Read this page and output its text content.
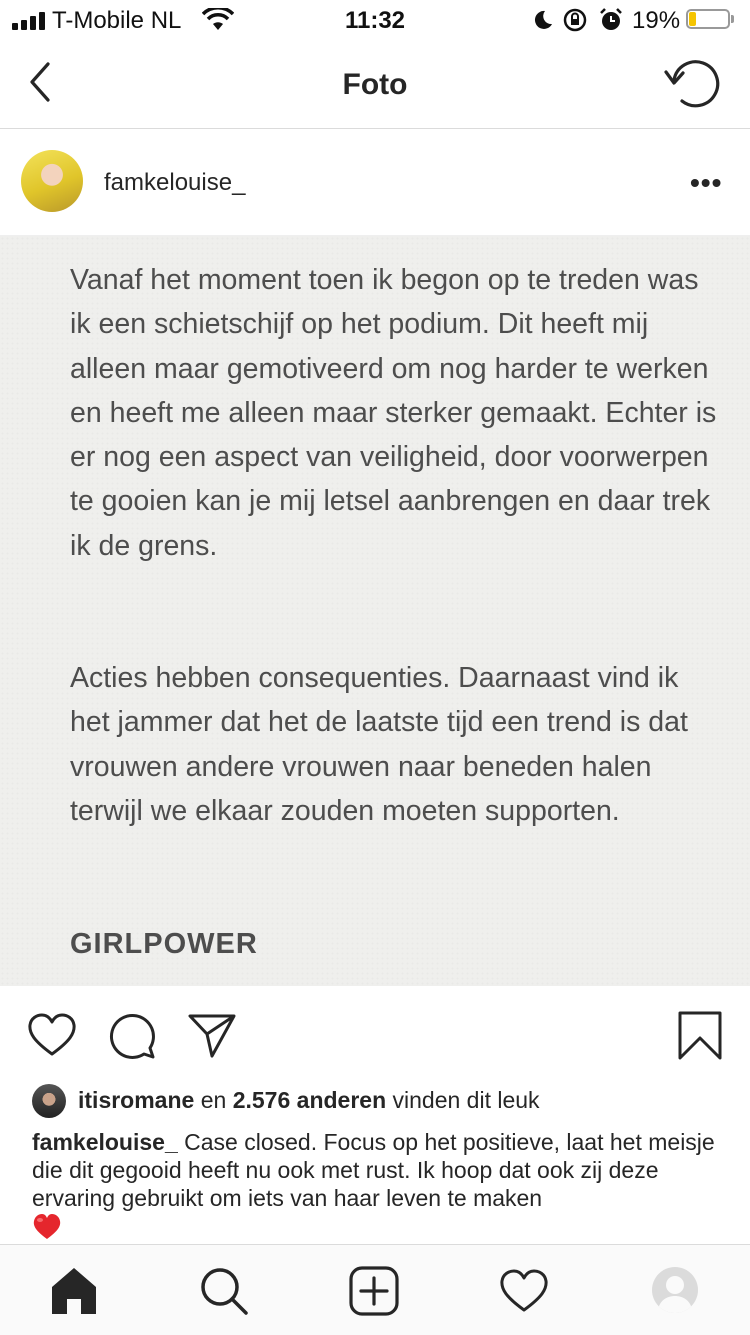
T-Mobile NL	11:32	19%
Foto
famkelouise_	•••

Vanaf het moment toen ik begon op te treden was ik een schietschijf op het podium. Dit heeft mij alleen maar gemotiveerd om nog harder te werken en heeft me alleen maar sterker gemaakt. Echter is er nog een aspect van veiligheid, door voorwerpen te gooien kan je mij letsel aanbrengen en daar trek ik de grens.

Acties hebben consequenties. Daarnaast vind ik het jammer dat het de laatste tijd een trend is dat vrouwen andere vrouwen naar beneden halen terwijl we elkaar zouden moeten supporten.

GIRLPOWER

itisromane en 2.576 anderen vinden dit leuk
famkelouise_ Case closed. Focus op het positieve, laat het meisje die dit gegooid heeft nu ook met rust. Ik hoop dat ook zij deze ervaring gebruikt om iets van haar leven te maken
